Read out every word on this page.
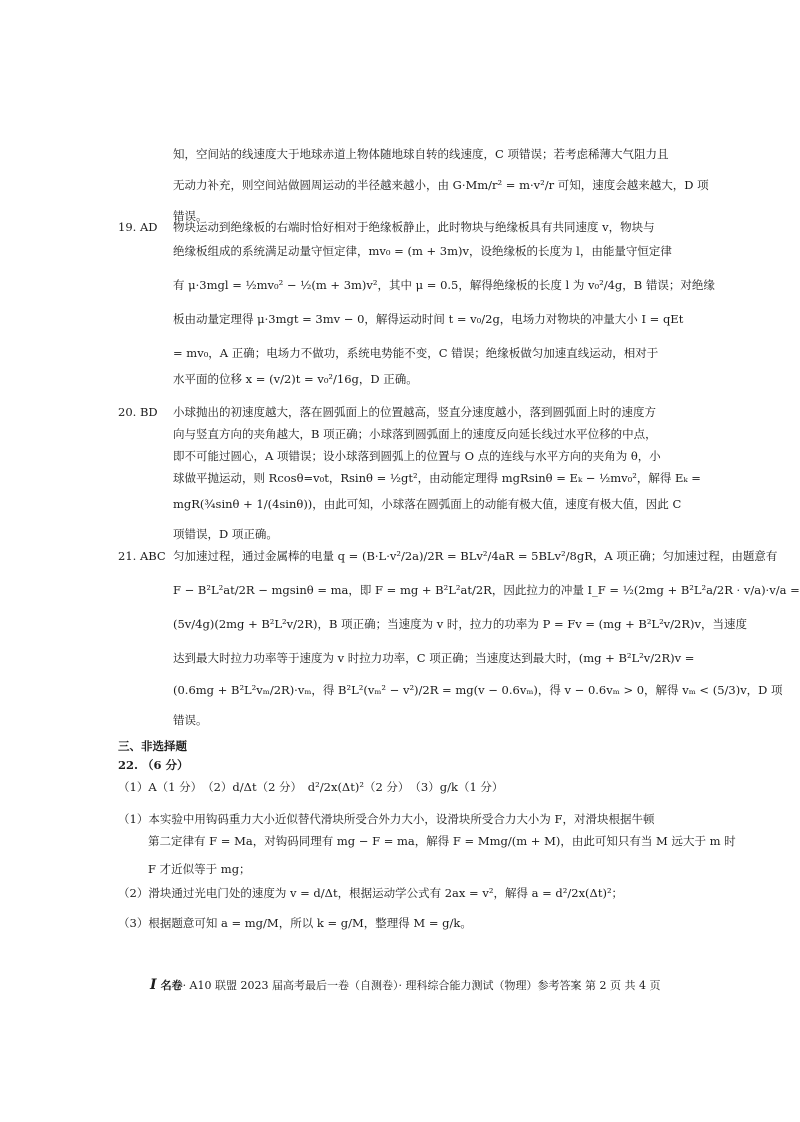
知，空间站的线速度大于地球赤道上物体随地球自转的线速度，C 项错误；若考虑稀薄大气阻力且
无动力补充，则空间站做圆周运动的半径越来越小，由 G·Mm/r² = m·v²/r 可知，速度会越来越大，D 项
错误。
19. AD 物块运动到绝缘板的右端时恰好相对于绝缘板静止，此时物块与绝缘板具有共同速度 v，物块与
绝缘板组成的系统满足动量守恒定律，mv₀ = (m + 3m)v，设绝缘板的长度为 l，由能量守恒定律
有 μ·3mgl = ½mv₀² − ½(m + 3m)v²，其中 μ = 0.5，解得绝缘板的长度 l 为 v₀²/4g，B 错误；对绝缘
板由动量定理得 μ·3mgt = 3mv − 0，解得运动时间 t = v₀/2g，电场力对物块的冲量大小 I = qEt
= mv₀，A 正确；电场力不做功，系统电势能不变，C 错误；绝缘板做匀加速直线运动，相对于
水平面的位移 x = (v/2)t = v₀²/16g，D 正确。
20. BD 小球抛出的初速度越大，落在圆弧面上的位置越高，竖直分速度越小，落到圆弧面上时的速度方
向与竖直方向的夹角越大，B 项正确；小球落到圆弧面上的速度反向延长线过水平位移的中点，
即不可能过圆心，A 项错误；设小球落到圆弧上的位置与 O 点的连线与水平方向的夹角为 θ，小
球做平抛运动，则 Rcosθ=v₀t，Rsinθ = ½gt²，由动能定理得 mgRsinθ = Eₖ − ½mv₀²，解得 Eₖ =
mgR(¾sinθ + 1/(4sinθ))，由此可知，小球落在圆弧面上的动能有极大值，速度有极大值，因此 C
项错误，D 项正确。
21. ABC 匀加速过程，通过金属棒的电量 q = (B·L·v²/2a)/2R = BLv²/4aR = 5BLv²/8gR，A 项正确；匀加速过程，由题意有
F − B²L²at/2R − mgsinθ = ma，即 F = mg + B²L²at/2R，因此拉力的冲量 I_F = ½(2mg + B²L²a/2R · v/a)·v/a =
(5v/4g)(2mg + B²L²v/2R)，B 项正确；当速度为 v 时，拉力的功率为 P = Fv = (mg + B²L²v/2R)v，当速度
达到最大时拉力功率等于速度为 v 时拉力功率，C 项正确；当速度达到最大时，(mg + B²L²v/2R)v =
(0.6mg + B²L²vₘ/2R)·vₘ，得 B²L²(vₘ² − v²)/2R = mg(v − 0.6vₘ)，得 v − 0.6vₘ > 0，解得 vₘ < (5/3)v，D 项
错误。
三、非选择题
22. （6 分）
（1）A（1 分）　（2）d/Δt（2 分）　d²/2x(Δt)²（2 分）　（3）g/k（1 分）
（1）本实验中用钩码重力大小近似替代滑块所受合外力大小，设滑块所受合力大小为 F，对滑块根据牛顿
第二定律有 F = Ma，对钩码同理有 mg − F = ma，解得 F = Mmg/(m + M)，由此可知只有当 M 远大于 m 时
F 才近似等于 mg；
（2）滑块通过光电门处的速度为 v = d/Δt，根据运动学公式有 2ax = v²，解得 a = d²/2x(Δt)²；
（3）根据题意可知 a = mg/M，所以 k = g/M，整理得 M = g/k。
I 名卷· A10 联盟 2023 届高考最后一卷（自测卷）· 理科综合能力测试（物理）参考答案 第 2 页 共 4 页
